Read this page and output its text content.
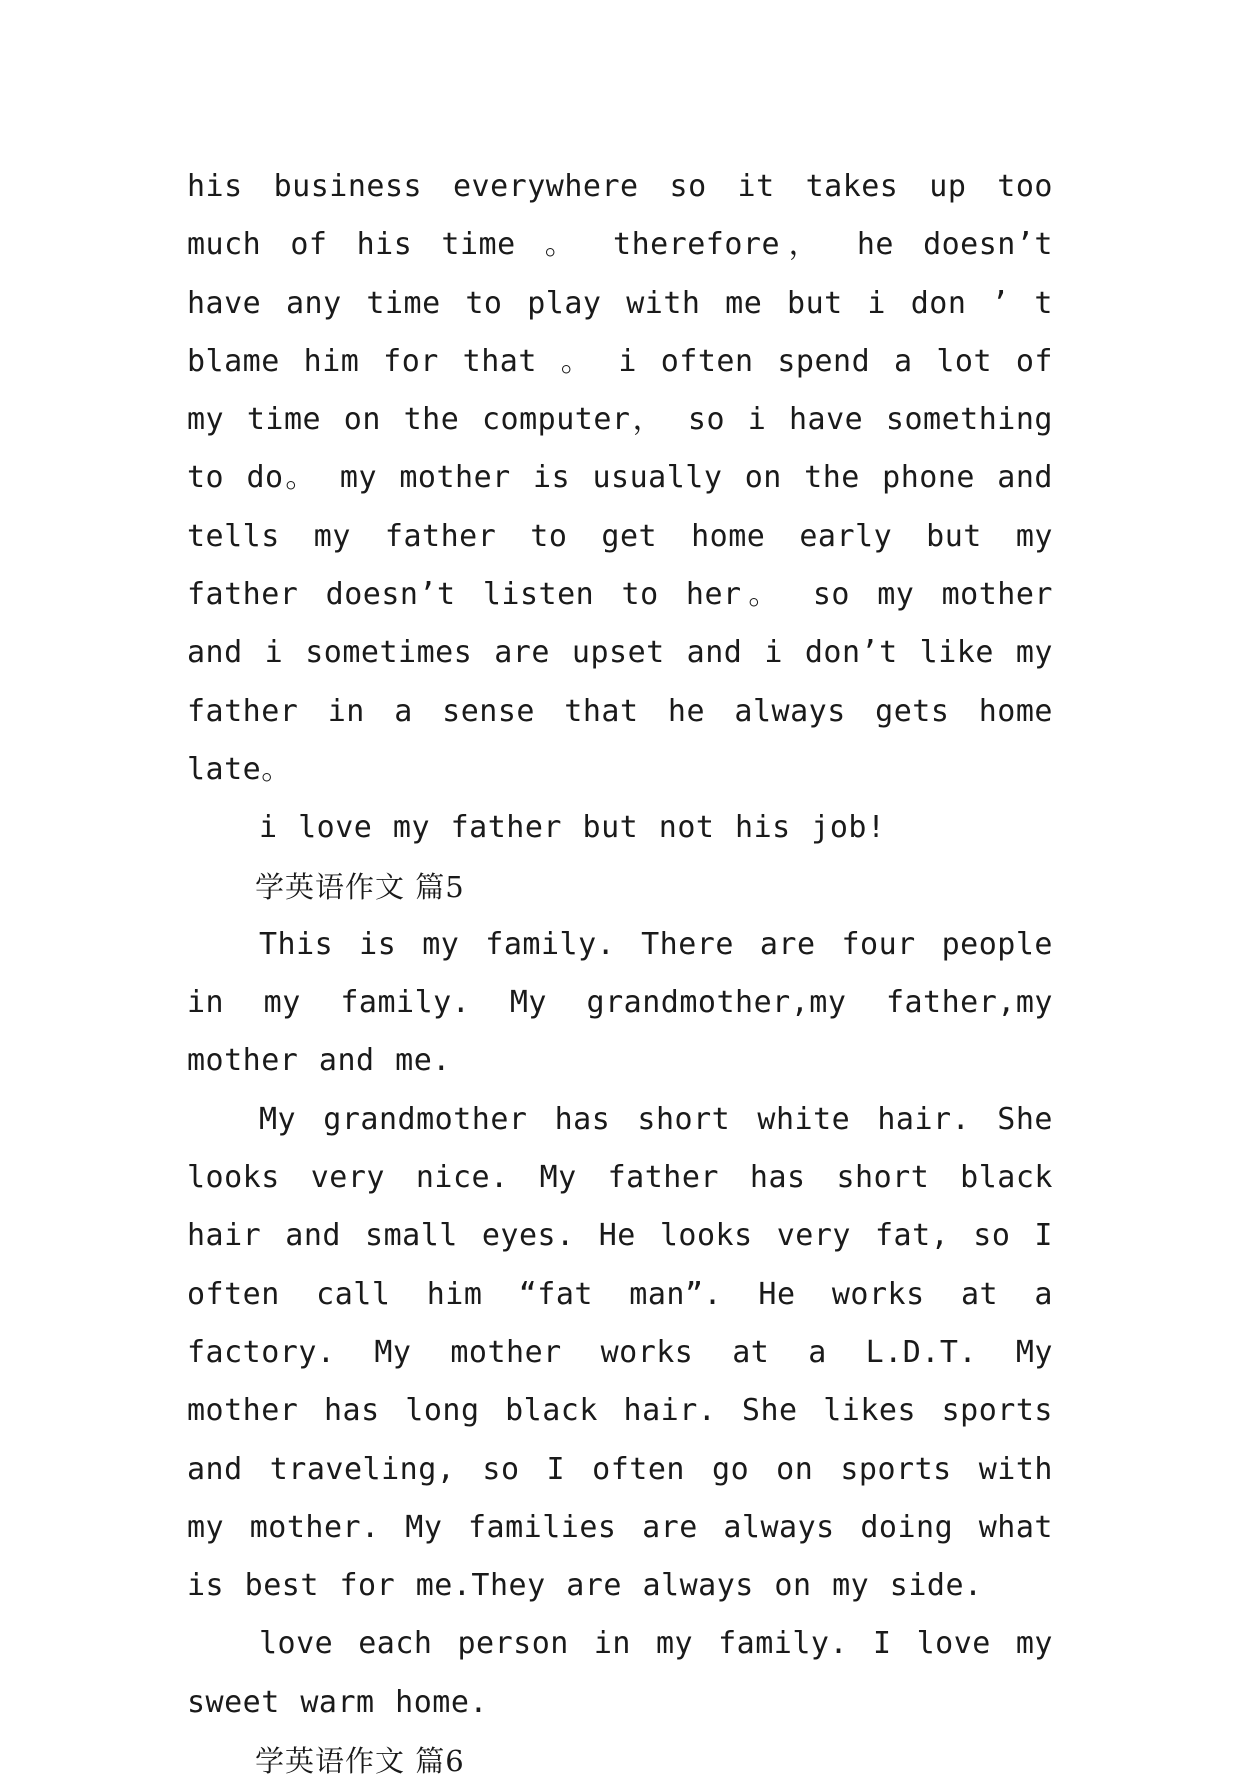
his business everywhere so it takes up too much of his time 。 therefore， he doesn’t have any time to play with me but i don ’ t blame him for that 。 i often spend a lot of my time on the computer， so i have something to do。 my mother is usually on the phone and tells my father to get home early but my father doesn’t listen to her。 so my mother and i sometimes are upset and i don’t like my father in a sense that he always gets home late。

i love my father but not his job!

学英语作文 篇5

This is my family. There are four people in my family. My grandmother,my father,my mother and me.

My grandmother has short white hair. She looks very nice. My father has short black hair and small eyes. He looks very fat, so I often call him “fat man”. He works at a factory. My mother works at a L.D.T. My mother has long black hair. She likes sports and traveling, so I often go on sports with my mother. My families are always doing what is best for me.They are always on my side.

love each person in my family. I love my sweet warm home.

学英语作文 篇6
